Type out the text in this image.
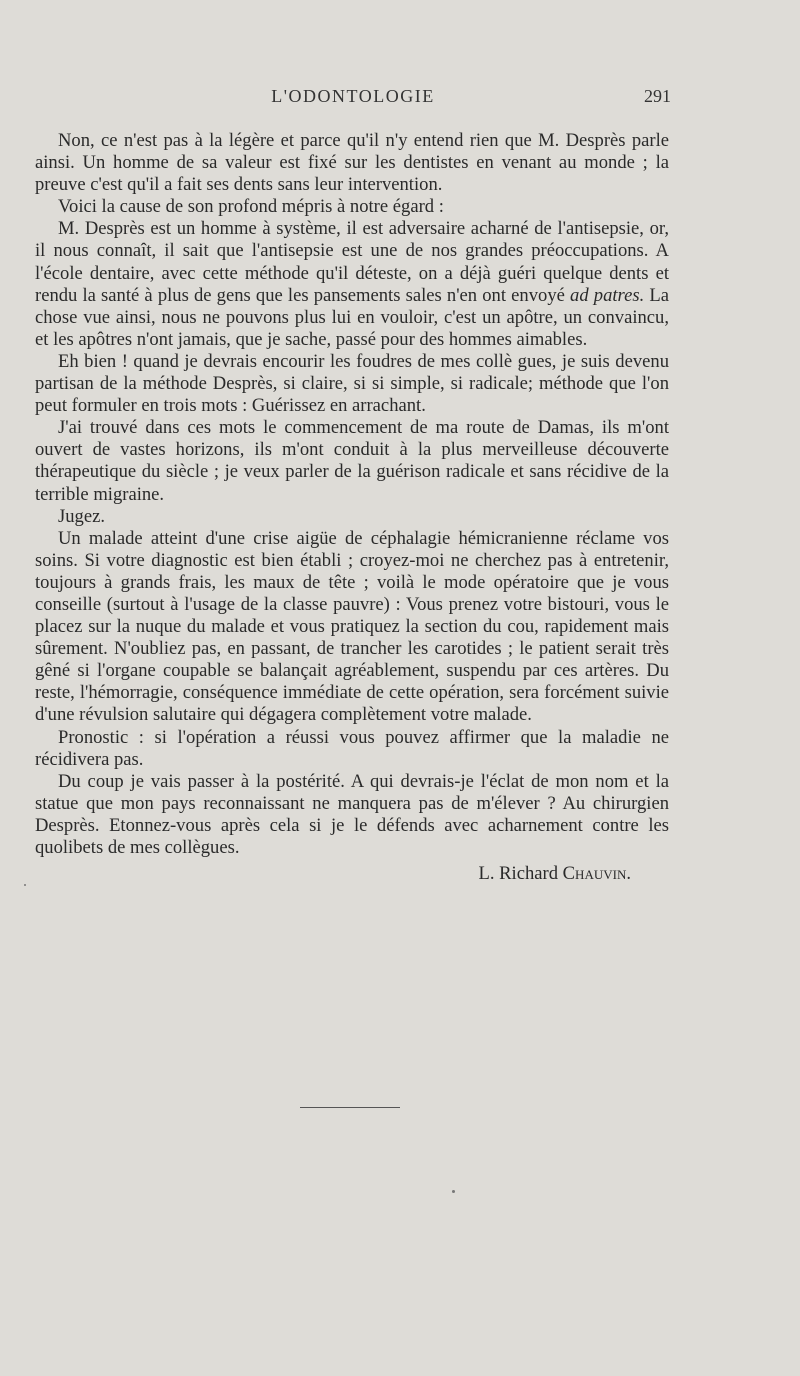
L'ODONTOLOGIE	291

Non, ce n'est pas à la légère et parce qu'il n'y entend rien que M. Desprès parle ainsi. Un homme de sa valeur est fixé sur les dentistes en venant au monde ; la preuve c'est qu'il a fait ses dents sans leur intervention.

Voici la cause de son profond mépris à notre égard :

M. Desprès est un homme à système, il est adversaire acharné de l'antisepsie, or, il nous connaît, il sait que l'antisepsie est une de nos grandes préoccupations. A l'école dentaire, avec cette méthode qu'il déteste, on a déjà guéri quelque dents et rendu la santé à plus de gens que les pansements sales n'en ont envoyé ad patres. La chose vue ainsi, nous ne pouvons plus lui en vouloir, c'est un apôtre, un convaincu, et les apôtres n'ont jamais, que je sache, passé pour des hommes aimables.

Eh bien ! quand je devrais encourir les foudres de mes collè gues, je suis devenu partisan de la méthode Desprès, si claire, si si simple, si radicale; méthode que l'on peut formuler en trois mots : Guérissez en arrachant.

J'ai trouvé dans ces mots le commencement de ma route de Damas, ils m'ont ouvert de vastes horizons, ils m'ont conduit à la plus merveilleuse découverte thérapeutique du siècle ; je veux parler de la guérison radicale et sans récidive de la terrible migraine.

Jugez.

Un malade atteint d'une crise aigüe de céphalagie hémicranienne réclame vos soins. Si votre diagnostic est bien établi ; croyez-moi ne cherchez pas à entretenir, toujours à grands frais, les maux de tête ; voilà le mode opératoire que je vous conseille (surtout à l'usage de la classe pauvre) : Vous prenez votre bistouri, vous le placez sur la nuque du malade et vous pratiquez la section du cou, rapidement mais sûrement. N'oubliez pas, en passant, de trancher les carotides ; le patient serait très gêné si l'organe coupable se balançait agréablement, suspendu par ces artères. Du reste, l'hémorragie, conséquence immédiate de cette opération, sera forcément suivie d'une révulsion salutaire qui dégagera complètement votre malade.

Pronostic : si l'opération a réussi vous pouvez affirmer que la maladie ne récidivera pas.

Du coup je vais passer à la postérité. A qui devrais-je l'éclat de mon nom et la statue que mon pays reconnaissant ne manquera pas de m'élever ? Au chirurgien Desprès. Etonnez-vous après cela si je le défends avec acharnement contre les quolibets de mes collègues.

L. Richard Chauvin.
